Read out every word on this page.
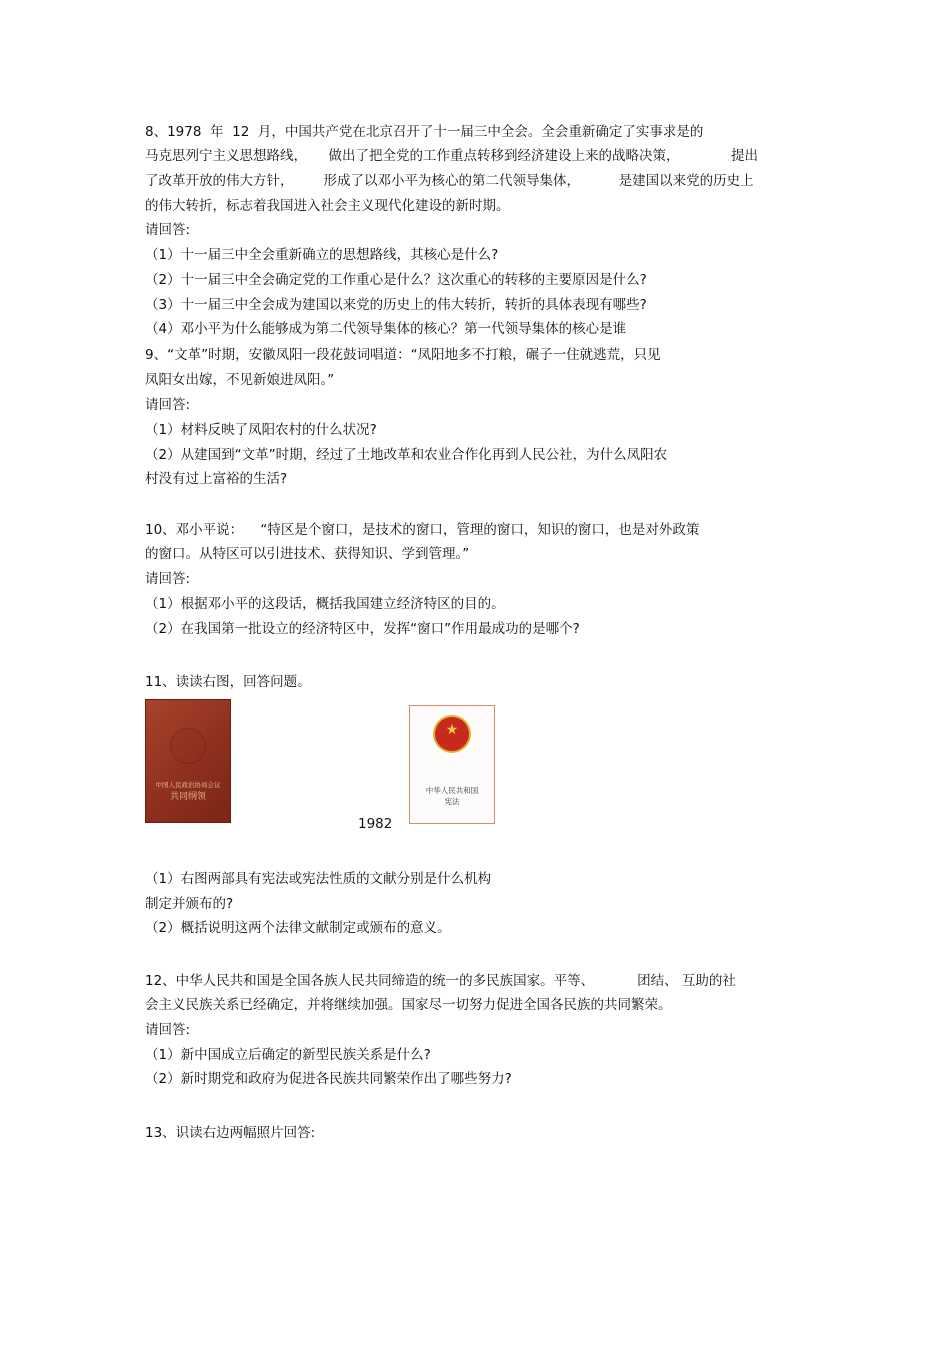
8、1978  年  12  月，中国共产党在北京召开了十一届三中全会。全会重新确定了实事求是的
马克思列宁主义思想路线，     做出了把全党的工作重点转移到经济建设上来的战略决策，            提出
了改革开放的伟大方针，       形成了以邓小平为核心的第二代领导集体，         是建国以来党的历史上
的伟大转折，标志着我国进入社会主义现代化建设的新时期。
请回答:
（1）十一届三中全会重新确立的思想路线，其核心是什么?
（2）十一届三中全会确定党的工作重心是什么？这次重心的转移的主要原因是什么?
（3）十一届三中全会成为建国以来党的历史上的伟大转折，转折的具体表现有哪些?
（4）邓小平为什么能够成为第二代领导集体的核心？第一代领导集体的核心是谁
9、“文革”时期，安徽凤阳一段花鼓词唱道：“凤阳地多不打粮，碾子一住就逃荒，只见
凤阳女出嫁，不见新娘进凤阳。”
请回答:
（1）材料反映了凤阳农村的什么状况?
（2）从建国到“文革”时期，经过了土地改革和农业合作化再到人民公社，为什么凤阳农
村没有过上富裕的生活?
10、邓小平说：    “特区是个窗口，是技术的窗口，管理的窗口，知识的窗口，也是对外政策
的窗口。从特区可以引进技术、获得知识、学到管理。”
请回答:
（1）根据邓小平的这段话，概括我国建立经济特区的目的。
（2）在我国第一批设立的经济特区中，发挥“窗口”作用最成功的是哪个?
11、读读右图，回答问题。
中国人民政治协商会议
共同纲领
1982
★
中华人民共和国
宪法
（1）右图两部具有宪法或宪法性质的文献分别是什么机构
制定并颁布的?
（2）概括说明这两个法律文献制定或颁布的意义。
12、中华人民共和国是全国各族人民共同缔造的统一的多民族国家。平等、          团结、 互助的社
会主义民族关系已经确定，并将继续加强。国家尽一切努力促进全国各民族的共同繁荣。
请回答:
（1）新中国成立后确定的新型民族关系是什么?
（2）新时期党和政府为促进各民族共同繁荣作出了哪些努力?
13、识读右边两幅照片回答:
